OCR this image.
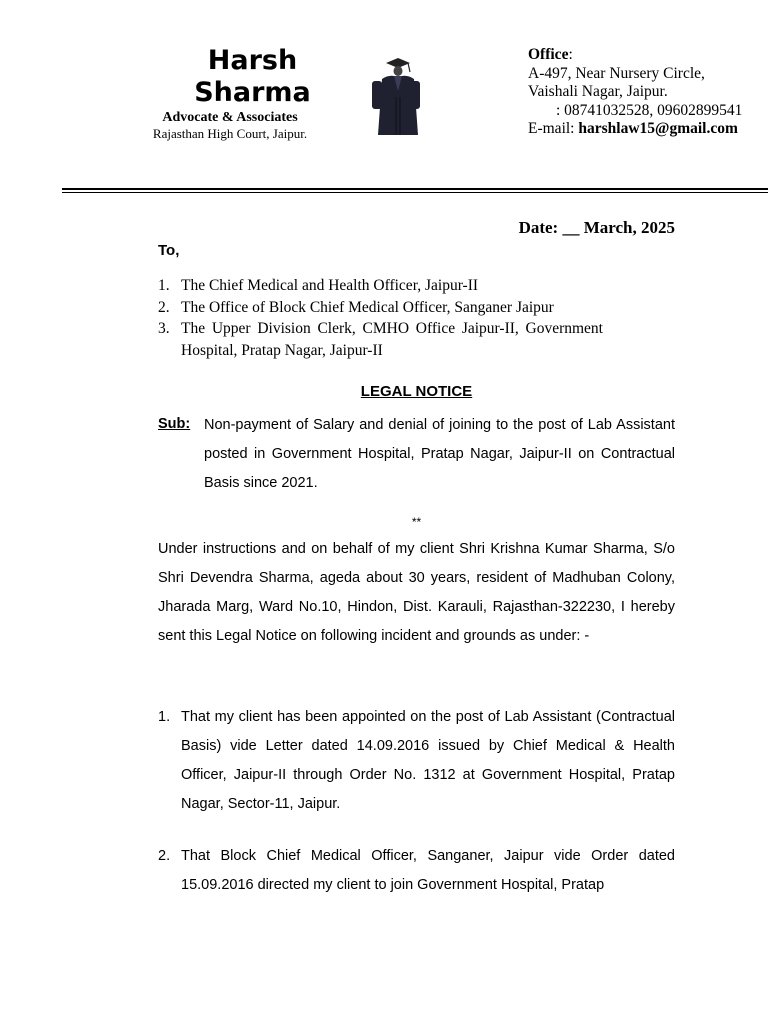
Harsh
Sharma
Advocate & Associates
Rajasthan High Court, Jaipur.
Office:
A-497, Near Nursery Circle,
Vaishali Nagar, Jaipur.
: 08741032528, 09602899541
E-mail: harshlaw15@gmail.com
Date: __ March, 2025
To,
1. The Chief Medical and Health Officer, Jaipur-II
2. The Office of Block Chief Medical Officer, Sanganer Jaipur
3. The Upper Division Clerk, CMHO Office Jaipur-II, Government Hospital, Pratap Nagar, Jaipur-II
LEGAL NOTICE
Sub: Non-payment of Salary and denial of joining to the post of Lab Assistant posted in Government Hospital, Pratap Nagar, Jaipur-II on Contractual Basis since 2021.
**
Under instructions and on behalf of my client Shri Krishna Kumar Sharma, S/o Shri Devendra Sharma, ageda about 30 years, resident of Madhuban Colony, Jharada Marg, Ward No.10, Hindon, Dist. Karauli, Rajasthan-322230, I hereby sent this Legal Notice on following incident and grounds as under: -
1. That my client has been appointed on the post of Lab Assistant (Contractual Basis) vide Letter dated 14.09.2016 issued by Chief Medical & Health Officer, Jaipur-II through Order No. 1312 at Government Hospital, Pratap Nagar, Sector-11, Jaipur.
2. That Block Chief Medical Officer, Sanganer, Jaipur vide Order dated 15.09.2016 directed my client to join Government Hospital, Pratap
